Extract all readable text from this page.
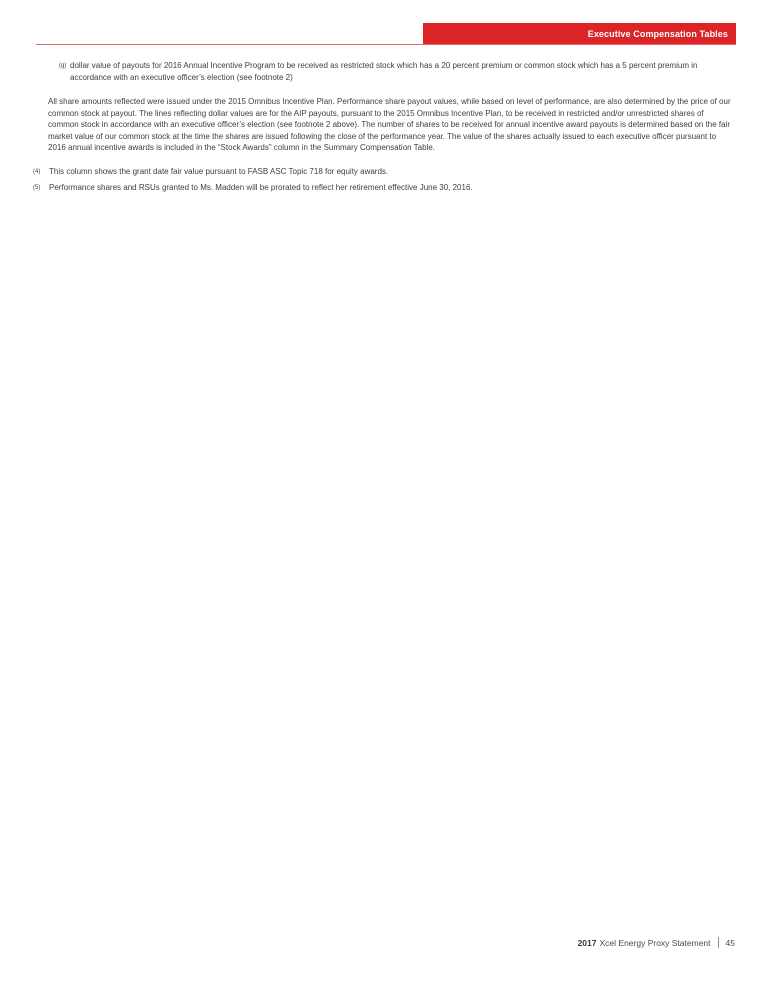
Executive Compensation Tables
(g) dollar value of payouts for 2016 Annual Incentive Program to be received as restricted stock which has a 20 percent premium or common stock which has a 5 percent premium in accordance with an executive officer’s election (see footnote 2)
All share amounts reflected were issued under the 2015 Omnibus Incentive Plan. Performance share payout values, while based on level of performance, are also determined by the price of our common stock at payout. The lines reflecting dollar values are for the AIP payouts, pursuant to the 2015 Omnibus Incentive Plan, to be received in restricted and/or unrestricted shares of common stock in accordance with an executive officer’s election (see footnote 2 above). The number of shares to be received for annual incentive award payouts is determined based on the fair market value of our common stock at the time the shares are issued following the close of the performance year. The value of the shares actually issued to each executive officer pursuant to 2016 annual incentive awards is included in the “Stock Awards” column in the Summary Compensation Table.
(4) This column shows the grant date fair value pursuant to FASB ASC Topic 718 for equity awards.
(5) Performance shares and RSUs granted to Ms. Madden will be prorated to reflect her retirement effective June 30, 2016.
2017 Xcel Energy Proxy Statement 45
